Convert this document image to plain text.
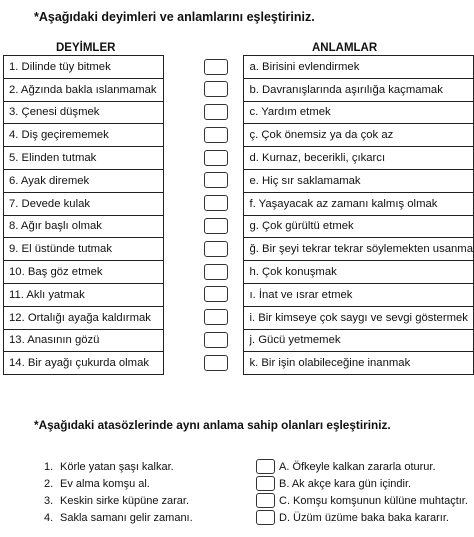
*Aşağıdaki deyimleri ve anlamlarını eşleştiriniz.
DEYİMLER	ANLAMLAR
1. Dilinde tüy bitmek		a. Birisini evlendirmek
2. Ağzında bakla ıslanmamak		b. Davranışlarında aşırılığa kaçmamak
3. Çenesi düşmek		c. Yardım etmek
4. Diş geçirememek		ç. Çok önemsiz ya da çok az
5. Elinden tutmak		d. Kurnaz, becerikli, çıkarcı
6. Ayak diremek		e. Hiç sır saklamamak
7. Devede kulak		f. Yaşayacak az zamanı kalmış olmak
8. Ağır başlı olmak		g. Çok gürültü etmek
9. El üstünde tutmak		ğ. Bir şeyi tekrar tekrar söylemekten usanma
10. Baş göz etmek		h. Çok konuşmak
11. Aklı yatmak		ı. İnat ve ısrar etmek
12. Ortalığı ayağa kaldırmak		i. Bir kimseye çok saygı ve sevgi göstermek
13. Anasının gözü		j. Gücü yetmemek
14. Bir ayağı çukurda olmak		k. Bir işin olabileceğine inanmak
*Aşağıdaki atasözlerinde aynı anlama sahip olanları eşleştiriniz.
1. Körle yatan şaşı kalkar.
2. Ev alma komşu al.
3. Keskin sirke küpüne zarar.
4. Sakla samanı gelir zamanı.
A. Öfkeyle kalkan zararla oturur.
B. Ak akçe kara gün içindir.
C. Komşu komşunun külüne muhtaçtır.
D. Üzüm üzüme baka baka kararır.
